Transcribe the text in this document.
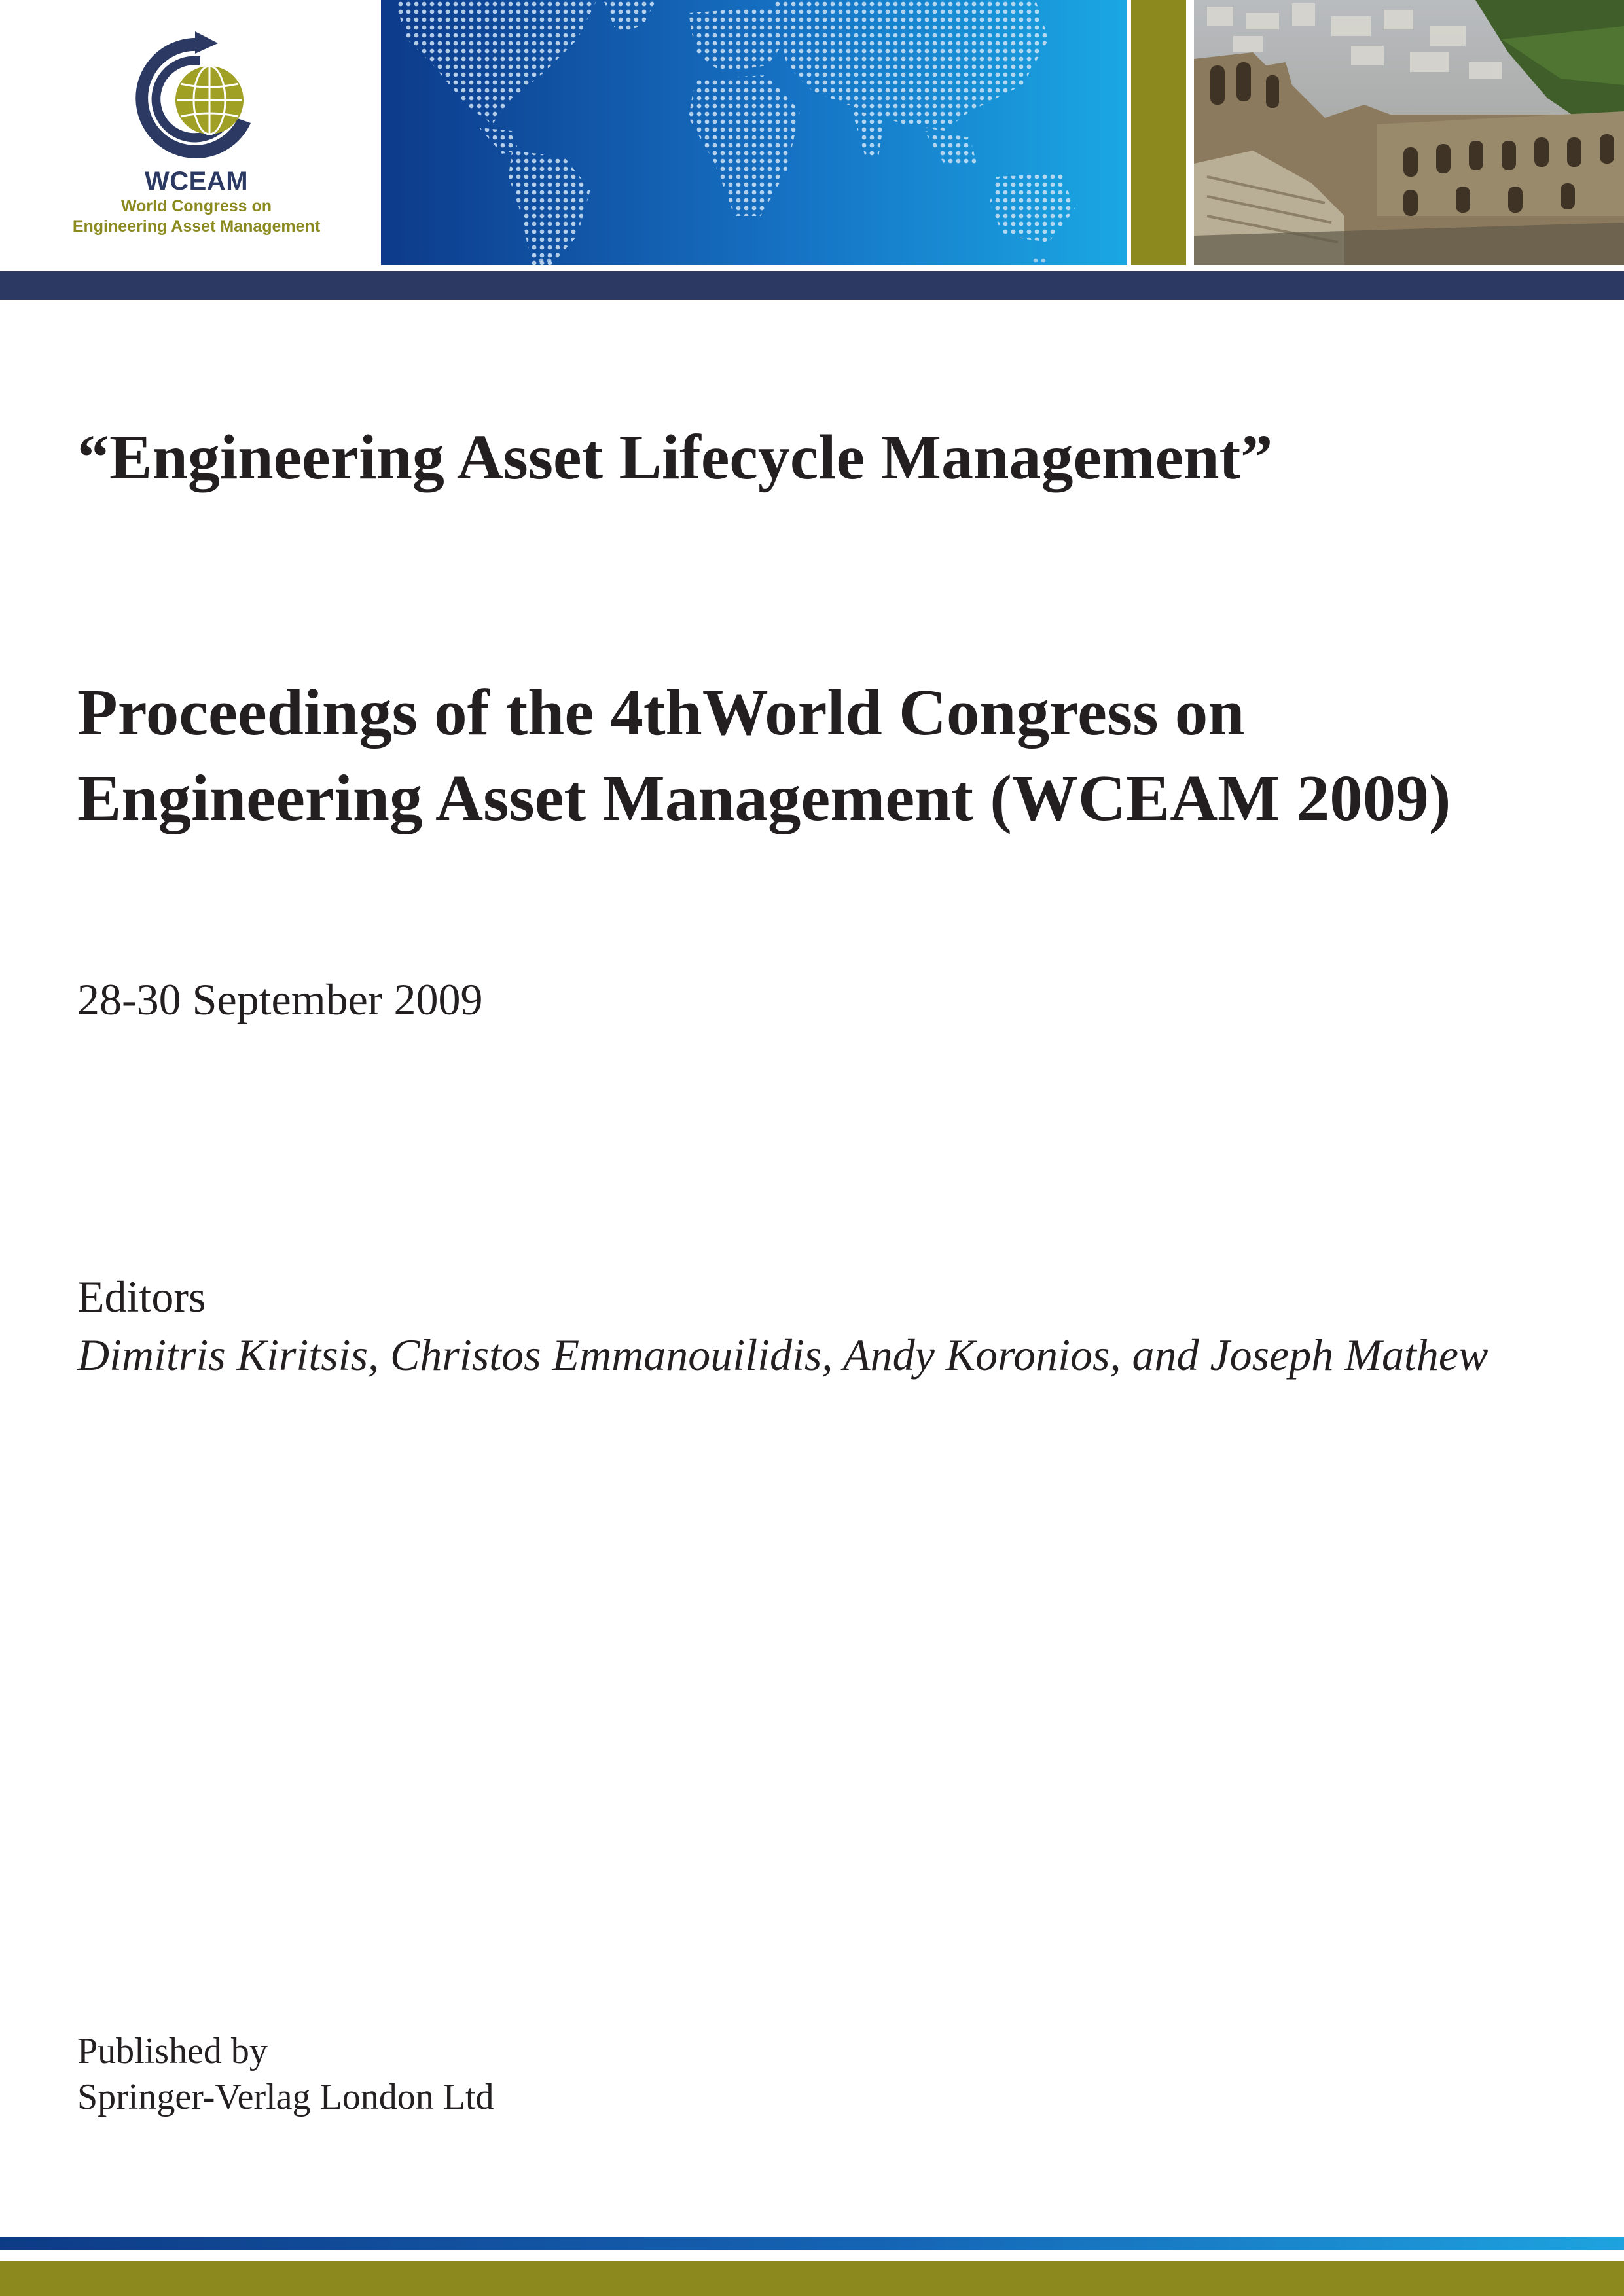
WCEAM
World Congress on
Engineering Asset Management
“Engineering Asset Lifecycle Management”
Proceedings of the 4thWorld Congress on Engineering Asset Management (WCEAM 2009)

28-30 September 2009

Editors

Dimitris Kiritsis, Christos Emmanouilidis, Andy Koronios, and Joseph Mathew

Published by

Springer-Verlag London Ltd
